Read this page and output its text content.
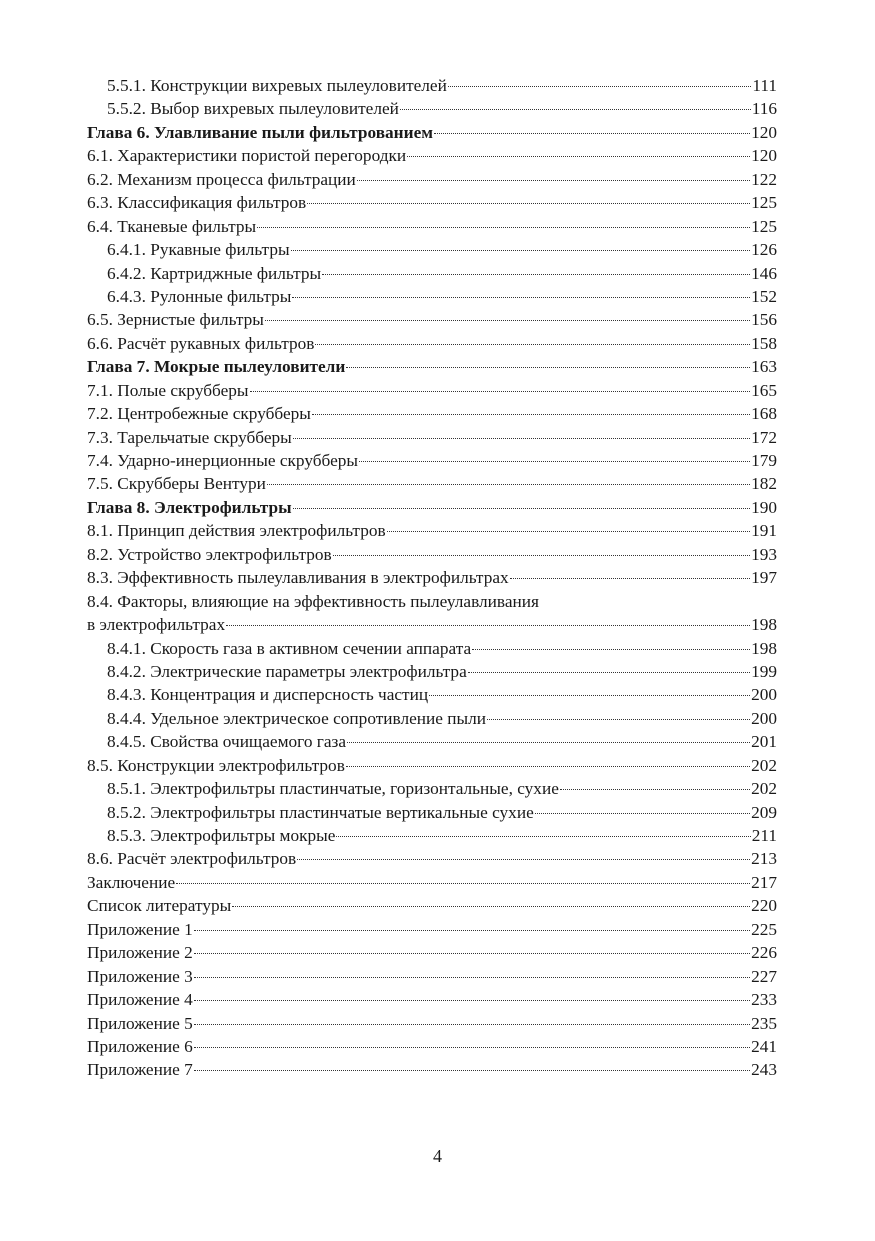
5.5.1. Конструкции вихревых пылеуловителей	111
5.5.2. Выбор вихревых пылеуловителей	116
Глава 6. Улавливание пыли фильтрованием	120
6.1. Характеристики пористой перегородки	120
6.2. Механизм процесса фильтрации	122
6.3. Классификация фильтров	125
6.4. Тканевые фильтры	125
6.4.1. Рукавные фильтры	126
6.4.2. Картриджные фильтры	146
6.4.3. Рулонные фильтры	152
6.5. Зернистые фильтры	156
6.6. Расчёт рукавных фильтров	158
Глава 7. Мокрые пылеуловители	163
7.1. Полые скрубберы	165
7.2. Центробежные скрубберы	168
7.3. Тарельчатые скрубберы	172
7.4. Ударно-инерционные скрубберы	179
7.5. Скрубберы Вентури	182
Глава 8. Электрофильтры	190
8.1. Принцип действия электрофильтров	191
8.2. Устройство электрофильтров	193
8.3. Эффективность пылеулавливания в электрофильтрах	197
8.4. Факторы, влияющие на эффективность пылеулавливания
в электрофильтрах	198
8.4.1. Скорость газа в активном сечении аппарата	198
8.4.2. Электрические параметры электрофильтра	199
8.4.3. Концентрация и дисперсность частиц	200
8.4.4. Удельное электрическое сопротивление пыли	200
8.4.5. Свойства очищаемого газа	201
8.5. Конструкции электрофильтров	202
8.5.1. Электрофильтры пластинчатые, горизонтальные, сухие	202
8.5.2. Электрофильтры пластинчатые вертикальные сухие	209
8.5.3. Электрофильтры мокрые	211
8.6. Расчёт электрофильтров	213
Заключение	217
Список литературы	220
Приложение 1	225
Приложение 2	226
Приложение 3	227
Приложение 4	233
Приложение 5	235
Приложение 6	241
Приложение 7	243
4
